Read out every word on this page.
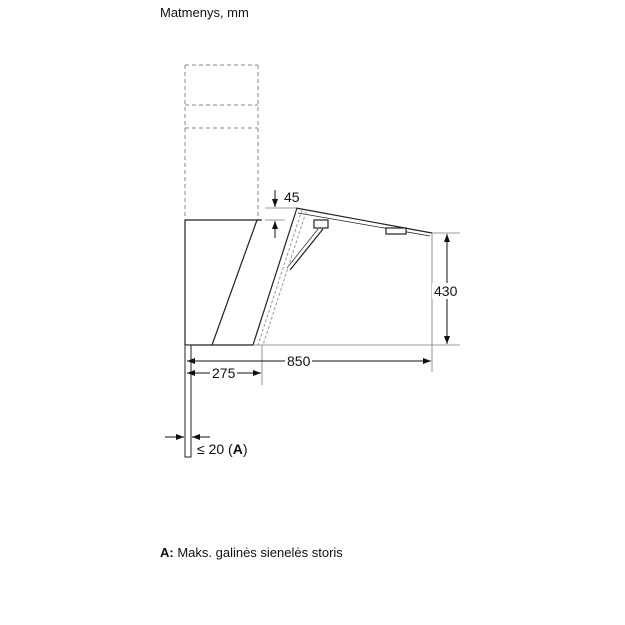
Matmenys, mm
45
430
850
275
≤ 20 (A)
A: Maks. galinės sienelės storis
